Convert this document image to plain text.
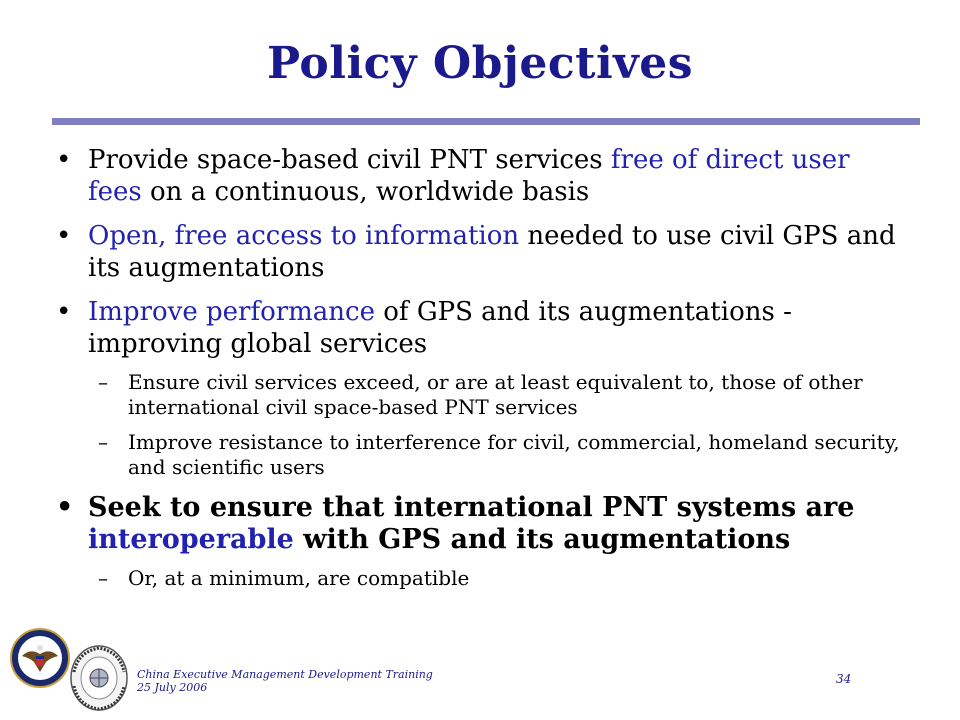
Policy Objectives
• Provide space-based civil PNT services free of direct user fees on a continuous, worldwide basis
• Open, free access to information needed to use civil GPS and its augmentations
• Improve performance of GPS and its augmentations - improving global services
– Ensure civil services exceed, or are at least equivalent to, those of other international civil space-based PNT services
– Improve resistance to interference for civil, commercial, homeland security, and scientific users
• Seek to ensure that international PNT systems are interoperable with GPS and its augmentations
– Or, at a minimum, are compatible
China Executive Management Development Training
25 July 2006
34
